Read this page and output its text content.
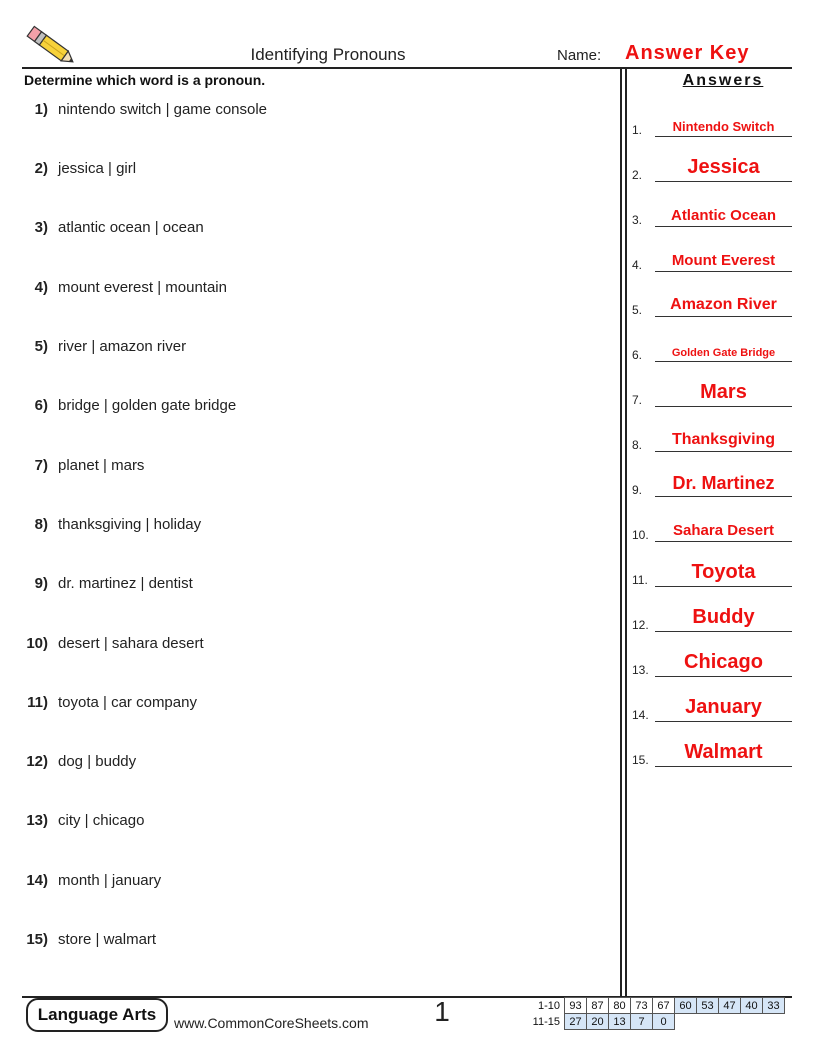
Identifying Pronouns	Name: Answer Key
Determine which word is a pronoun.	Answers
1) nintendo switch | game console
2) jessica | girl
3) atlantic ocean | ocean
4) mount everest | mountain
5) river | amazon river
6) bridge | golden gate bridge
7) planet | mars
8) thanksgiving | holiday
9) dr. martinez | dentist
10) desert | sahara desert
11) toyota | car company
12) dog | buddy
13) city | chicago
14) month | january
15) store | walmart
1.	Nintendo Switch
2.	Jessica
3.	Atlantic Ocean
4.	Mount Everest
5.	Amazon River
6.	Golden Gate Bridge
7.	Mars
8.	Thanksgiving
9.	Dr. Martinez
10.	Sahara Desert
11.	Toyota
12.	Buddy
13.	Chicago
14.	January
15.	Walmart
Language Arts	www.CommonCoreSheets.com	1	1-10	93	87	80	73	67	60	53	47	40	33
11-15	27	20	13	7	0					
